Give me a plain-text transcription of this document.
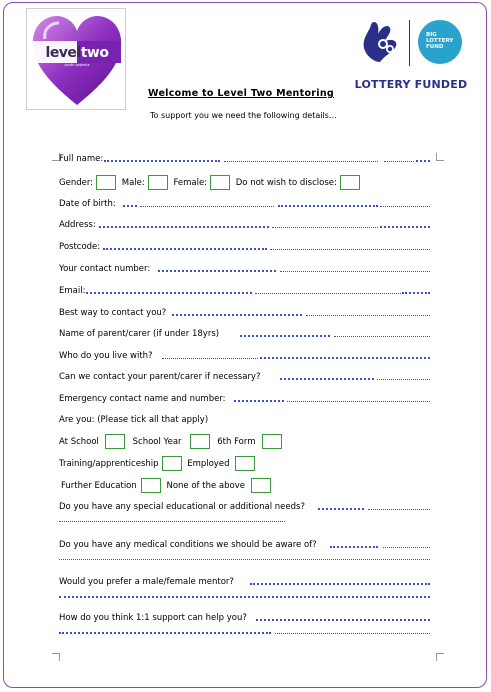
leveltwo
youth projects
BIG
LOTTERY
FUND
LOTTERY FUNDED
Welcome to Level Two Mentoring
To support you we need the following details…
Full name:
Gender:	Male:	Female:	Do not wish to disclose:
Date of birth:
Address:
Postcode:
Your contact number:
Email:
Best way to contact you?
Name of parent/carer (if under 18yrs)
Who do you live with?
Can we contact your parent/carer if necessary?
Emergency contact name and number:
Are you: (Please tick all that apply)
At School	School Year	6th Form
Training/apprenticeship	Employed
Further Education	None of the above
Do you have any special educational or additional needs?
Do you have any medical conditions we should be aware of?
Would you prefer a male/female mentor?
How do you think 1:1 support can help you?
